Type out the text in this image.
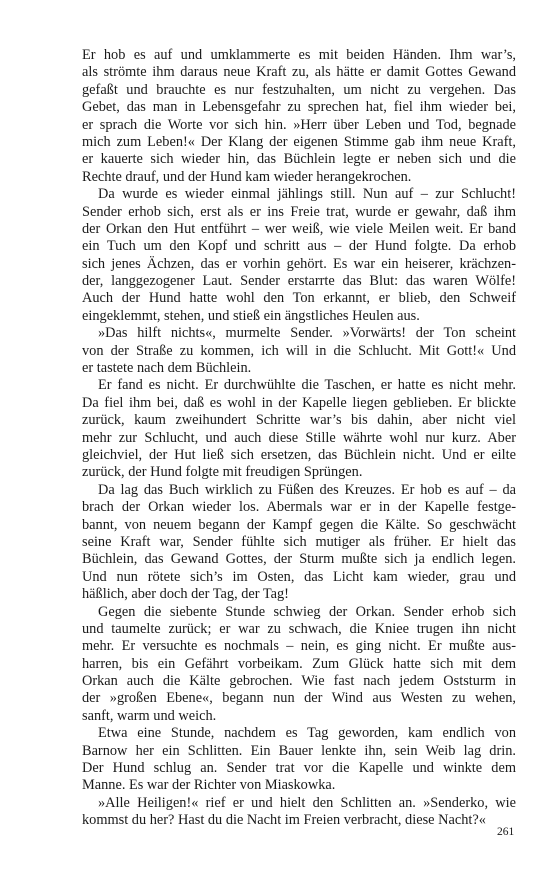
Er hob es auf und umklammerte es mit beiden Händen. Ihm war’s,
als strömte ihm daraus neue Kraft zu, als hätte er damit Gottes Gewand
gefaßt und brauchte es nur festzuhalten, um nicht zu vergehen. Das
Gebet, das man in Lebensgefahr zu sprechen hat, fiel ihm wieder bei,
er sprach die Worte vor sich hin. »Herr über Leben und Tod, begnade
mich zum Leben!« Der Klang der eigenen Stimme gab ihm neue Kraft,
er kauerte sich wieder hin, das Büchlein legte er neben sich und die
Rechte drauf, und der Hund kam wieder herangekrochen.
Da wurde es wieder einmal jählings still. Nun auf – zur Schlucht!
Sender erhob sich, erst als er ins Freie trat, wurde er gewahr, daß ihm
der Orkan den Hut entführt – wer weiß, wie viele Meilen weit. Er band
ein Tuch um den Kopf und schritt aus – der Hund folgte. Da erhob
sich jenes Ächzen, das er vorhin gehört. Es war ein heiserer, krächzen-
der, langgezogener Laut. Sender erstarrte das Blut: das waren Wölfe!
Auch der Hund hatte wohl den Ton erkannt, er blieb, den Schweif
eingeklemmt, stehen, und stieß ein ängstliches Heulen aus.
»Das hilft nichts«, murmelte Sender. »Vorwärts! der Ton scheint
von der Straße zu kommen, ich will in die Schlucht. Mit Gott!« Und
er tastete nach dem Büchlein.
Er fand es nicht. Er durchwühlte die Taschen, er hatte es nicht mehr.
Da fiel ihm bei, daß es wohl in der Kapelle liegen geblieben. Er blickte
zurück, kaum zweihundert Schritte war’s bis dahin, aber nicht viel
mehr zur Schlucht, und auch diese Stille währte wohl nur kurz. Aber
gleichviel, der Hut ließ sich ersetzen, das Büchlein nicht. Und er eilte
zurück, der Hund folgte mit freudigen Sprüngen.
Da lag das Buch wirklich zu Füßen des Kreuzes. Er hob es auf – da
brach der Orkan wieder los. Abermals war er in der Kapelle festge-
bannt, von neuem begann der Kampf gegen die Kälte. So geschwächt
seine Kraft war, Sender fühlte sich mutiger als früher. Er hielt das
Büchlein, das Gewand Gottes, der Sturm mußte sich ja endlich legen.
Und nun rötete sich’s im Osten, das Licht kam wieder, grau und
häßlich, aber doch der Tag, der Tag!
Gegen die siebente Stunde schwieg der Orkan. Sender erhob sich
und taumelte zurück; er war zu schwach, die Kniee trugen ihn nicht
mehr. Er versuchte es nochmals – nein, es ging nicht. Er mußte aus-
harren, bis ein Gefährt vorbeikam. Zum Glück hatte sich mit dem
Orkan auch die Kälte gebrochen. Wie fast nach jedem Oststurm in
der »großen Ebene«, begann nun der Wind aus Westen zu wehen,
sanft, warm und weich.
Etwa eine Stunde, nachdem es Tag geworden, kam endlich von
Barnow her ein Schlitten. Ein Bauer lenkte ihn, sein Weib lag drin.
Der Hund schlug an. Sender trat vor die Kapelle und winkte dem
Manne. Es war der Richter von Miaskowka.
»Alle Heiligen!« rief er und hielt den Schlitten an. »Senderko, wie
kommst du her? Hast du die Nacht im Freien verbracht, diese Nacht?«
261
